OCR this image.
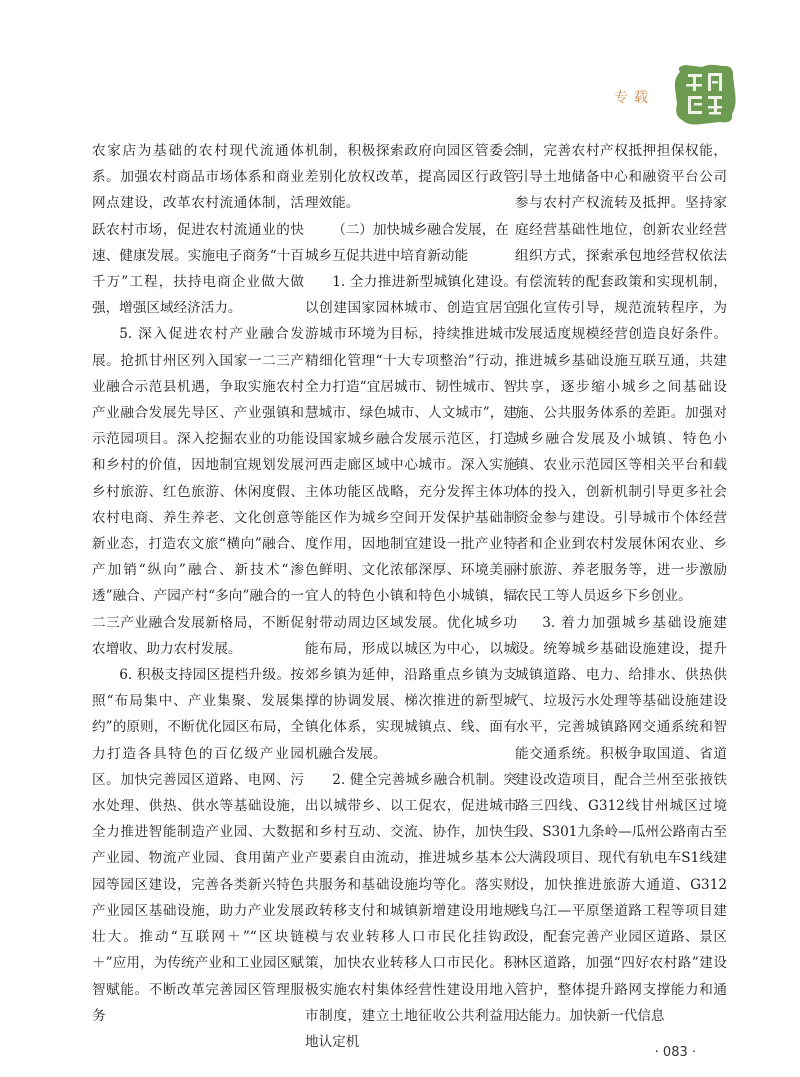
专载

农家店为基础的农村现代流通体系。加强农村商品市场体系和商业网点建设，改革农村流通体制，活跃农村市场，促进农村流通业的快速、健康发展。实施电子商务“十百千万”工程，扶持电商企业做大做强，增强区域经济活力。

5. 深入促进农村产业融合发展。抢抓甘州区列入国家一二三产业融合示范县机遇，争取实施农村产业融合发展先导区、产业强镇和示范园项目。深入挖掘农业的功能和乡村的价值，因地制宜规划发展乡村旅游、红色旅游、休闲度假、农村电商、养生养老、文化创意等新业态，打造农文旅“横向”融合、产加销“纵向”融合、新技术“渗透”融合、产园产村“多向”融合的一二三产业融合发展新格局，不断促农增收、助力农村发展。

6. 积极支持园区提档升级。按照“布局集中、产业集聚、发展集约”的原则，不断优化园区布局，全力打造各具特色的百亿级产业园区。加快完善园区道路、电网、污水处理、供热、供水等基础设施，全力推进智能制造产业园、大数据产业园、物流产业园、食用菌产业园等园区建设，完善各类新兴特色产业园区基础设施，助力产业发展壮大。推动“互联网＋”“区块链＋”应用，为传统产业和工业园区赋智赋能。不断改革完善园区管理服务

机制，积极探索政府向园区管委会差别化放权改革，提高园区行政管理效能。

（二）加快城乡融合发展，在城乡互促共进中培育新动能

1. 全力推进新型城镇化建设。以创建国家园林城市、创造宜居宜游城市环境为目标，持续推进城市精细化管理“十大专项整治”行动，全力打造“宜居城市、韧性城市、智慧城市、绿色城市、人文城市”，建设国家城乡融合发展示范区，打造河西走廊区域中心城市。深入实施主体功能区战略，充分发挥主体功能区作为城乡空间开发保护基础制度作用，因地制宜建设一批产业特色鲜明、文化浓郁深厚、环境美丽宜人的特色小镇和特色小城镇，辐射带动周边区域发展。优化城乡功能布局，形成以城区为中心，以城郊乡镇为延伸，沿路重点乡镇为支撑的协调发展、梯次推进的新型城镇化体系，实现城镇点、线、面有机融合发展。

2. 健全完善城乡融合机制。突出以城带乡、以工促农，促进城市和乡村互动、交流、协作，加快生产要素自由流动，推进城乡基本公共服务和基础设施均等化。落实财政转移支付和城镇新增建设用地规模与农业转移人口市民化挂钩政策，加快农业转移人口市民化。积极实施农村集体经营性建设用地入市制度，建立土地征收公共利益用地认定机

制，完善农村产权抵押担保权能，引导土地储备中心和融资平台公司参与农村产权流转及抵押。坚持家庭经营基础性地位，创新农业经营组织方式，探索承包地经营权依法有偿流转的配套政策和实现机制，强化宣传引导，规范流转程序，为发展适度规模经营创造良好条件。推进城乡基础设施互联互通，共建共享，逐步缩小城乡之间基础设施、公共服务体系的差距。加强对城乡融合发展及小城镇、特色小镇、农业示范园区等相关平台和载体的投入，创新机制引导更多社会资金参与建设。引导城市个体经营者和企业到农村发展休闲农业、乡村旅游、养老服务等，进一步激励农民工等人员返乡下乡创业。

3. 着力加强城乡基础设施建设。统筹城乡基础设施建设，提升城镇道路、电力、给排水、供热供气、垃圾污水处理等基础设施建设水平，完善城镇路网交通系统和智能交通系统。积极争取国道、省道建设改造项目，配合兰州至张掖铁路三四线、G312线甘州城区过境段、S301九条岭—瓜州公路南古至大满段项目、现代有轨电车S1线建设，加快推进旅游大通道、G312线乌江—平原堡道路工程等项目建设，配套完善产业园区道路、景区林区道路，加强“四好农村路”建设管护，整体提升路网支撑能力和通达能力。加快新一代信息

· 083 ·
